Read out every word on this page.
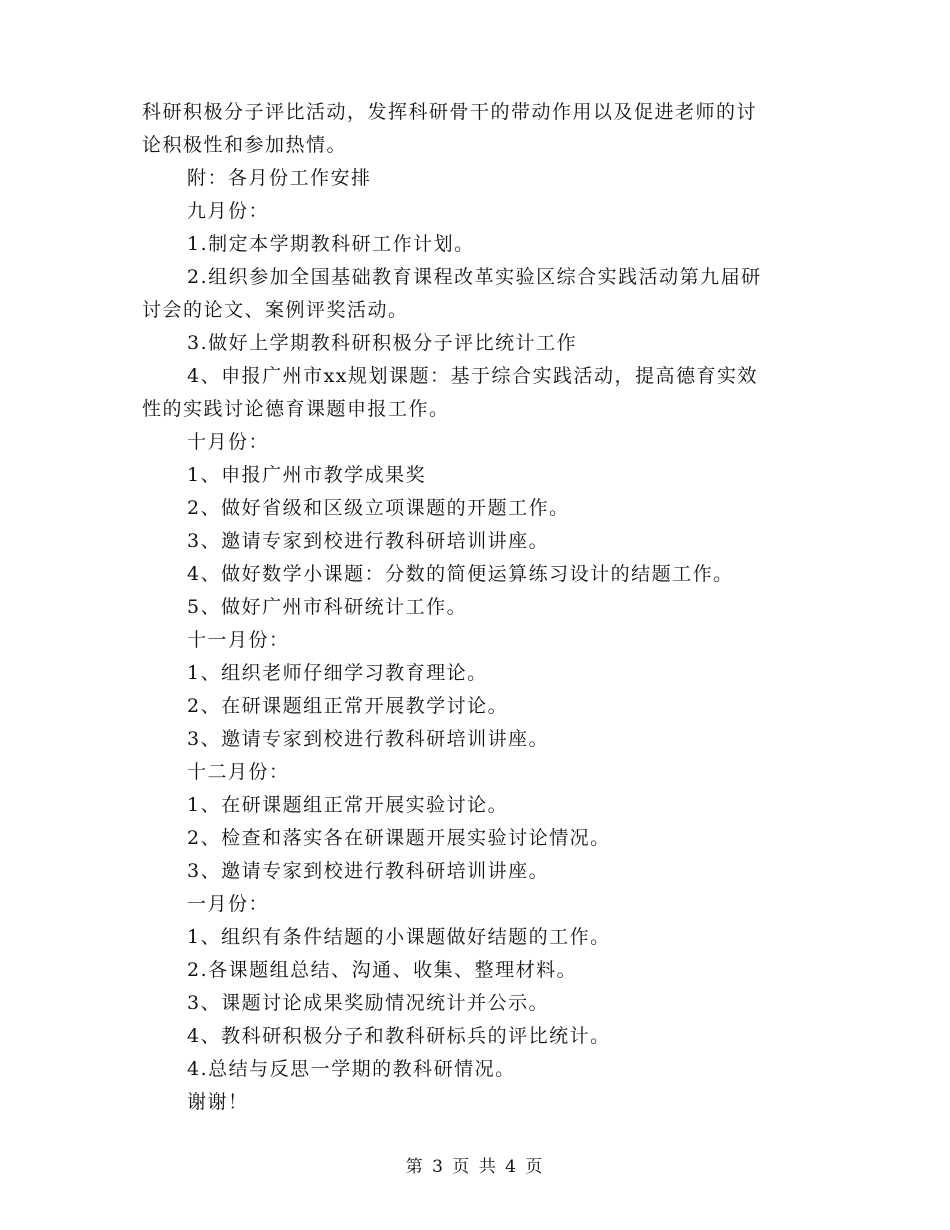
科研积极分子评比活动，发挥科研骨干的带动作用以及促进老师的讨
论积极性和参加热情。
附：各月份工作安排
九月份：
1.制定本学期教科研工作计划。
2.组织参加全国基础教育课程改革实验区综合实践活动第九届研
讨会的论文、案例评奖活动。
3.做好上学期教科研积极分子评比统计工作
4、申报广州市xx规划课题：基于综合实践活动，提高德育实效
性的实践讨论德育课题申报工作。
十月份：
1、申报广州市教学成果奖
2、做好省级和区级立项课题的开题工作。
3、邀请专家到校进行教科研培训讲座。
4、做好数学小课题：分数的简便运算练习设计的结题工作。
5、做好广州市科研统计工作。
十一月份：
1、组织老师仔细学习教育理论。
2、在研课题组正常开展教学讨论。
3、邀请专家到校进行教科研培训讲座。
十二月份：
1、在研课题组正常开展实验讨论。
2、检查和落实各在研课题开展实验讨论情况。
3、邀请专家到校进行教科研培训讲座。
一月份：
1、组织有条件结题的小课题做好结题的工作。
2.各课题组总结、沟通、收集、整理材料。
3、课题讨论成果奖励情况统计并公示。
4、教科研积极分子和教科研标兵的评比统计。
4.总结与反思一学期的教科研情况。
谢谢！
第 3 页 共 4 页
